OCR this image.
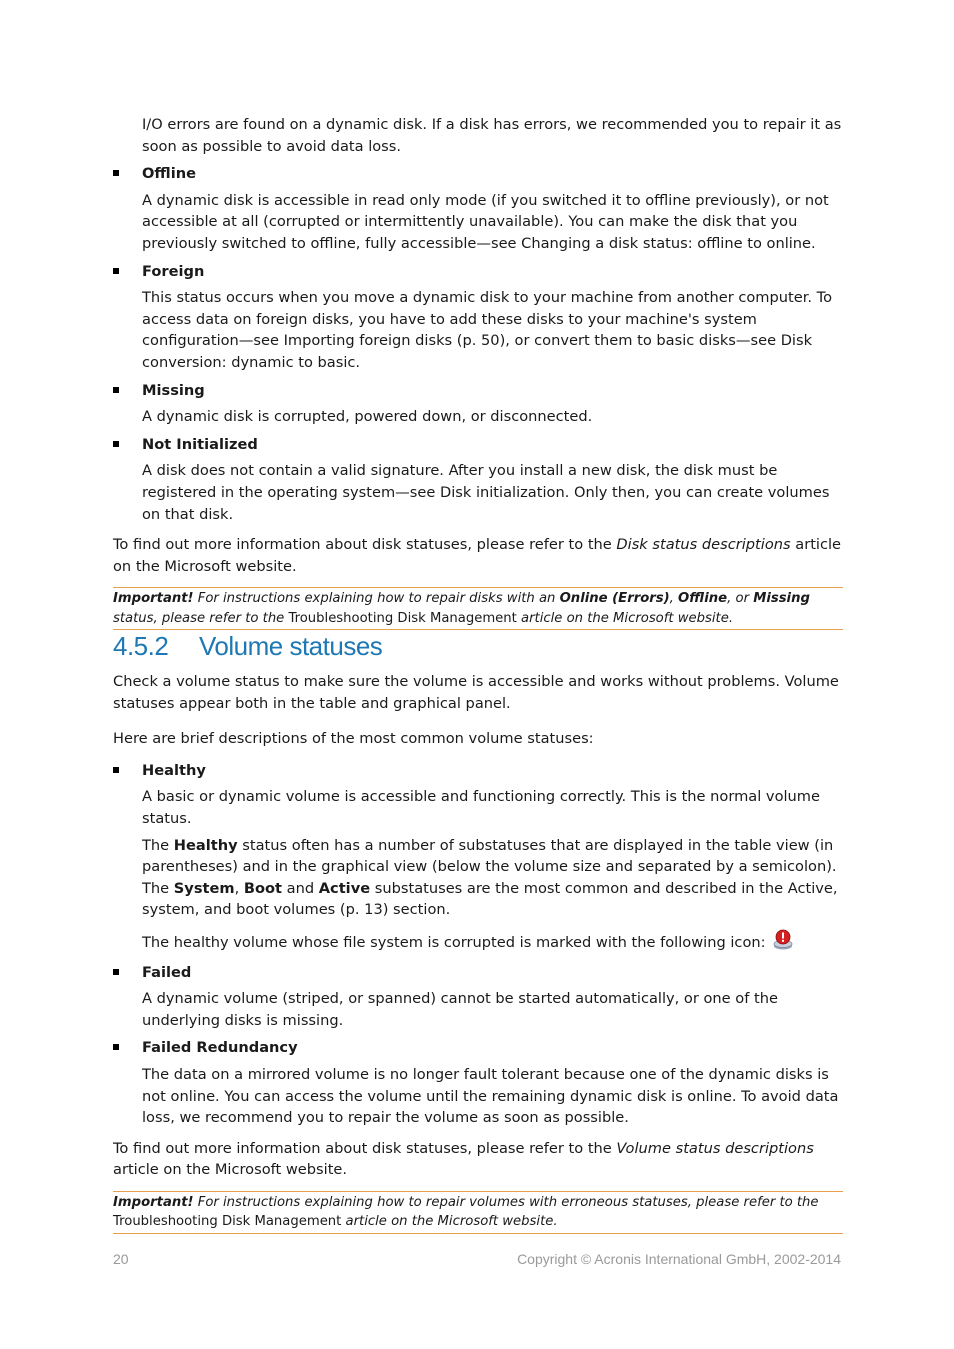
I/O errors are found on a dynamic disk. If a disk has errors, we recommended you to repair it as soon as possible to avoid data loss.

Offline

A dynamic disk is accessible in read only mode (if you switched it to offline previously), or not accessible at all (corrupted or intermittently unavailable). You can make the disk that you previously switched to offline, fully accessible—see Changing a disk status: offline to online.

Foreign

This status occurs when you move a dynamic disk to your machine from another computer. To access data on foreign disks, you have to add these disks to your machine's system configuration—see Importing foreign disks (p. 50), or convert them to basic disks—see Disk conversion: dynamic to basic.

Missing

A dynamic disk is corrupted, powered down, or disconnected.

Not Initialized

A disk does not contain a valid signature. After you install a new disk, the disk must be registered in the operating system—see Disk initialization. Only then, you can create volumes on that disk.

To find out more information about disk statuses, please refer to the Disk status descriptions article on the Microsoft website.

Important! For instructions explaining how to repair disks with an Online (Errors), Offline, or Missing status, please refer to the Troubleshooting Disk Management article on the Microsoft website.
4.5.2 Volume statuses

Check a volume status to make sure the volume is accessible and works without problems. Volume statuses appear both in the table and graphical panel.

Here are brief descriptions of the most common volume statuses:

Healthy

A basic or dynamic volume is accessible and functioning correctly. This is the normal volume status.

The Healthy status often has a number of substatuses that are displayed in the table view (in parentheses) and in the graphical view (below the volume size and separated by a semicolon). The System, Boot and Active substatuses are the most common and described in the Active, system, and boot volumes (p. 13) section.

The healthy volume whose file system is corrupted is marked with the following icon:

Failed

A dynamic volume (striped, or spanned) cannot be started automatically, or one of the underlying disks is missing.

Failed Redundancy

The data on a mirrored volume is no longer fault tolerant because one of the dynamic disks is not online. You can access the volume until the remaining dynamic disk is online. To avoid data loss, we recommend you to repair the volume as soon as possible.

To find out more information about disk statuses, please refer to the Volume status descriptions article on the Microsoft website.

Important! For instructions explaining how to repair volumes with erroneous statuses, please refer to the Troubleshooting Disk Management article on the Microsoft website.
20	Copyright © Acronis International GmbH, 2002-2014
